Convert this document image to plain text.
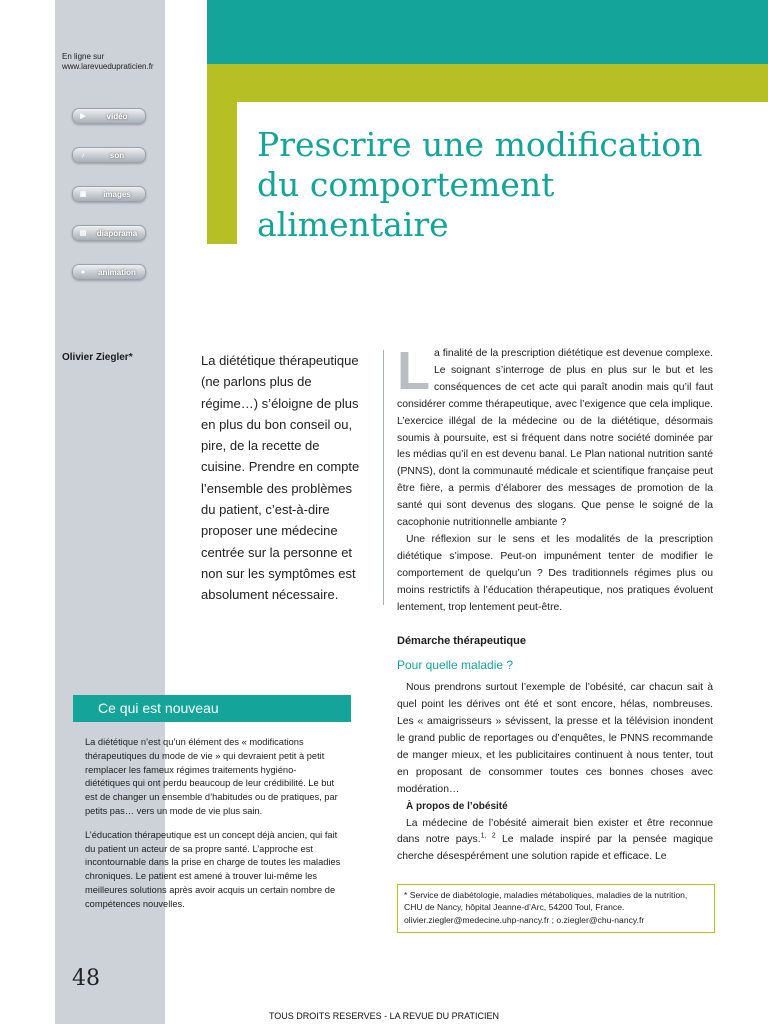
En ligne sur
www.larevuedupraticien.fr
▶	vidéo
♪	son
▣	images
▤	diaporama
●	animation
Prescrire une modification du comportement alimentaire
Olivier Ziegler*	La diététique thérapeutique (ne parlons plus de régime…) s’éloigne de plus en plus du bon conseil ou, pire, de la recette de cuisine. Prendre en compte l’ensemble des problèmes du patient, c’est-à-dire proposer une médecine centrée sur la personne et non sur les symptômes est absolument nécessaire.

La finalité de la prescription diététique est devenue complexe. Le soignant s’interroge de plus en plus sur le but et les conséquences de cet acte qui paraît anodin mais qu’il faut considérer comme thérapeutique, avec l’exigence que cela implique. L’exercice illégal de la médecine ou de la diététique, désormais soumis à poursuite, est si fréquent dans notre société dominée par les médias qu’il en est devenu banal. Le Plan national nutrition santé (PNNS), dont la communauté médicale et scientifique française peut être fière, a permis d’élaborer des messages de promotion de la santé qui sont devenus des slogans. Que pense le soigné de la cacophonie nutritionnelle ambiante ?

Une réflexion sur le sens et les modalités de la prescription diététique s’impose. Peut-on impunément tenter de modifier le comportement de quelqu’un ? Des traditionnels régimes plus ou moins restrictifs à l’éducation thérapeutique, nos pratiques évoluent lentement, trop lentement peut-être.

Démarche thérapeutique
Pour quelle maladie ?

Nous prendrons surtout l’exemple de l’obésité, car chacun sait à quel point les dérives ont été et sont encore, hélas, nombreuses. Les « amaigrisseurs » sévissent, la presse et la télévision inondent le grand public de reportages ou d’enquêtes, le PNNS recommande de manger mieux, et les publicitaires continuent à nous tenter, tout en proposant de consommer toutes ces bonnes choses avec modération…

À propos de l’obésité

La médecine de l’obésité aimerait bien exister et être reconnue dans notre pays.$^{1, 2}$ Le malade inspiré par la pensée magique cherche désespérément une solution rapide et efficace. Le

Ce qui est nouveau

La diététique n’est qu’un élément des « modifications thérapeutiques du mode de vie » qui devraient petit à petit remplacer les fameux régimes traitements hygiéno-diététiques qui ont perdu beaucoup de leur crédibilité. Le but est de changer un ensemble d’habitudes ou de pratiques, par petits pas… vers un mode de vie plus sain.

L’éducation thérapeutique est un concept déjà ancien, qui fait du patient un acteur de sa propre santé. L’approche est incontournable dans la prise en charge de toutes les maladies chroniques. Le patient est amené à trouver lui-même les meilleures solutions après avoir acquis un certain nombre de compétences nouvelles.

* Service de diabétologie, maladies métaboliques, maladies de la nutrition, CHU de Nancy, hôpital Jeanne-d’Arc, 54200 Toul, France.
olivier.ziegler@medecine.uhp-nancy.fr ; o.ziegler@chu-nancy.fr
48
TOUS DROITS RESERVES - LA REVUE DU PRATICIEN
